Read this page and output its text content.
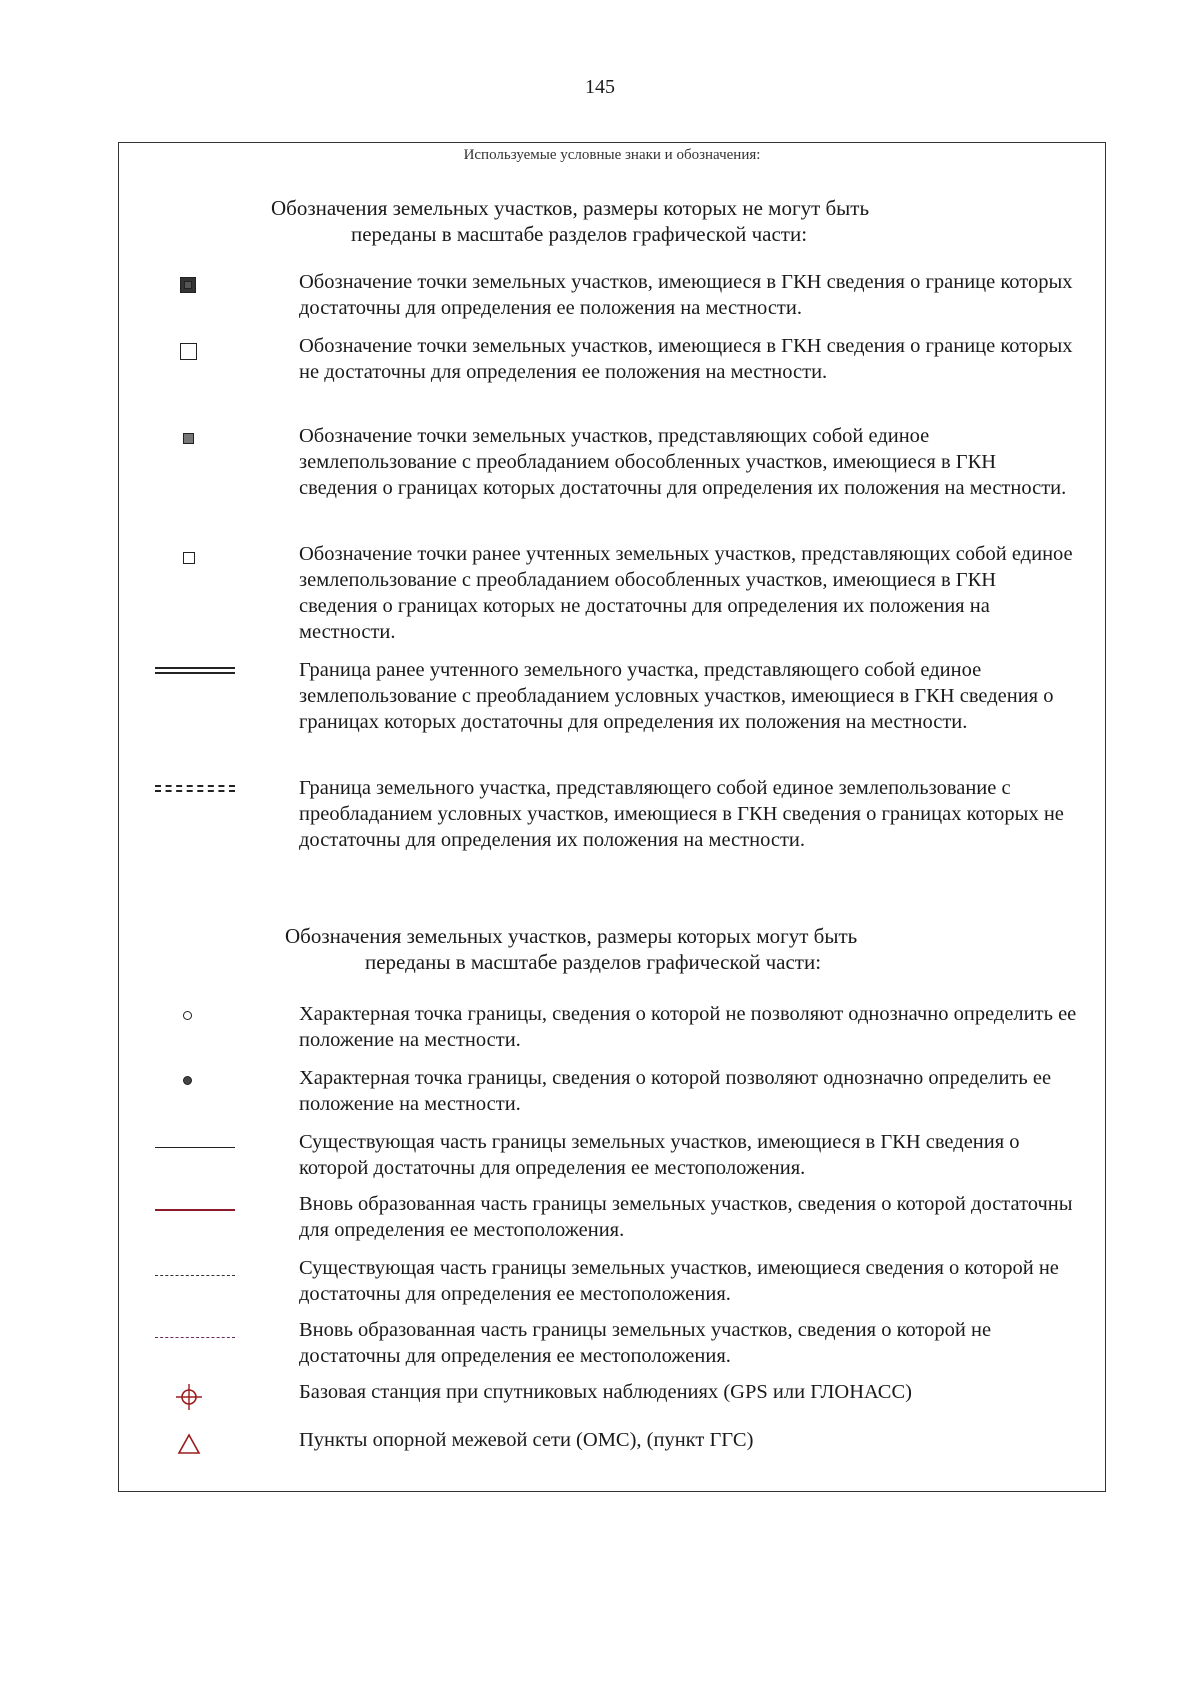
145
Используемые условные знаки и обозначения:
Обозначения земельных участков, размеры которых не могут быть
переданы в масштабе разделов графической части:
Обозначение точки земельных участков, имеющиеся в ГКН сведения о границе которых достаточны для определения ее положения на местности.
Обозначение точки земельных участков, имеющиеся в ГКН сведения о границе которых не достаточны для определения ее положения на местности.
Обозначение точки земельных участков, представляющих собой единое землепользование с преобладанием обособленных участков, имеющиеся в ГКН сведения о границах которых достаточны для определения их положения на местности.
Обозначение точки ранее учтенных земельных участков, представляющих собой единое землепользование с преобладанием обособленных участков, имеющиеся в ГКН сведения о границах которых не достаточны для определения их положения на местности.
Граница ранее учтенного земельного участка, представляющего собой единое землепользование с преобладанием условных участков, имеющиеся в ГКН сведения о границах которых достаточны для определения их положения на местности.
Граница земельного участка, представляющего собой единое землепользование с преобладанием условных участков, имеющиеся в ГКН сведения о границах которых не достаточны для определения их положения на местности.
Обозначения земельных участков, размеры которых могут быть
переданы в масштабе разделов графической части:
Характерная точка границы, сведения о которой не позволяют однозначно определить ее положение на местности.
Характерная точка границы, сведения о которой позволяют однозначно определить ее положение на местности.
Существующая часть границы земельных участков, имеющиеся в ГКН сведения о которой достаточны для определения ее местоположения.
Вновь образованная часть границы земельных участков, сведения о которой достаточны для определения ее местоположения.
Существующая часть границы земельных участков, имеющиеся сведения о которой не достаточны для определения ее местоположения.
Вновь образованная часть границы земельных участков, сведения о которой не достаточны для определения ее местоположения.
Базовая станция при спутниковых наблюдениях (GPS или ГЛОНАСС)
Пункты опорной межевой сети (ОМС), (пункт ГГС)
